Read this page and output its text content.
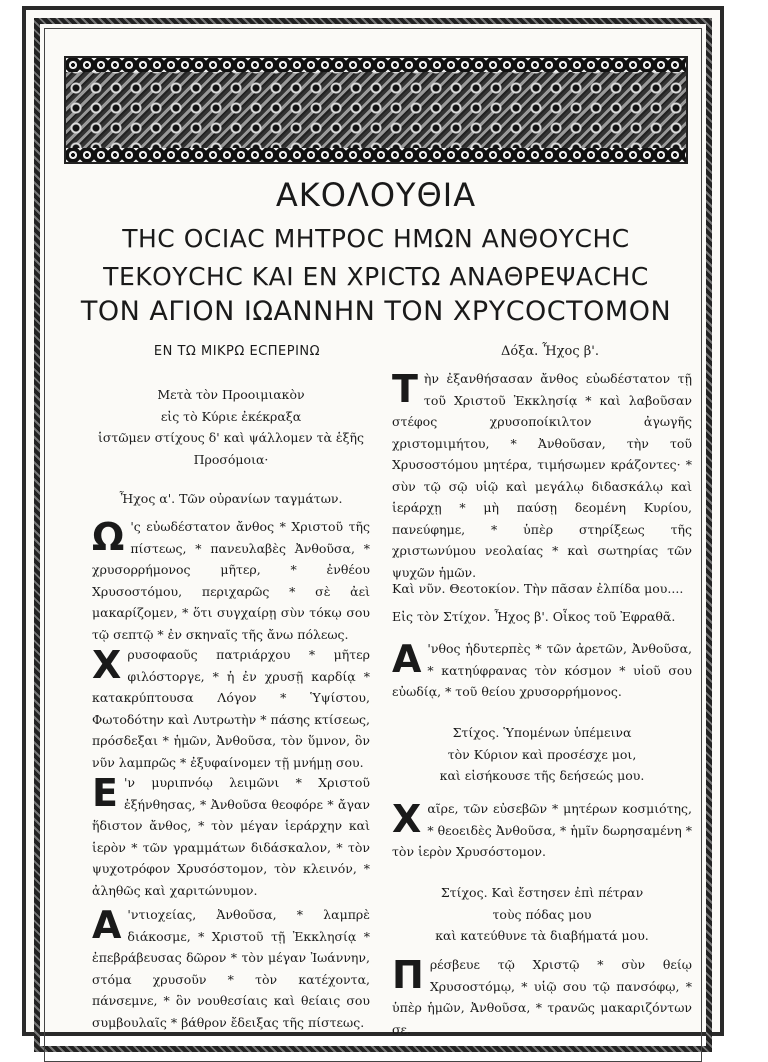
ΑΚΟΛΟΥΘΙΑ
ΤΗC ΟCΙΑC ΜΗΤΡΟC ΗΜΩΝ ΑΝΘΟΥCΗC
ΤΕΚΟΥCΗC ΚΑΙ ΕΝ ΧΡΙCΤΩ ΑΝΑΘΡΕΨΑCΗC
ΤΟΝ ΑΓΙΟΝ ΙΩΑΝΝΗΝ ΤΟΝ ΧΡΥCΟCΤΟΜΟΝ
ΕΝ ΤΩ ΜΙΚΡΩ ΕCΠΕΡΙΝΩ	Δόξα. Ἦχος β'.

Μετὰ τὸν Προοιμιακὸν

εἰς τὸ Κύριε ἐκέκραξα

ἱστῶμεν στίχους δ' καὶ ψάλλομεν τὰ ἑξῆς

Προσόμοια·

Ἦχος α'. Τῶν οὐρανίων ταγμάτων.
Ω 'ς εὐωδέστατον ἄνθος * Χριστοῦ τῆς πίστεως, * πανευλαβὲς Ἀνθοῦσα, * χρυσορρήμονος μῆτερ, * ἐνθέου Χρυσοστόμου, περιχαρῶς * σὲ ἀεὶ μακαρίζομεν, * ὅτι συγχαίρῃ σὺν τόκῳ σου τῷ σεπτῷ * ἐν σκηναῖς τῆς ἄνω πόλεως.
Χ ρυσοφαοῦς πατριάρχου * μῆτερ φιλόστοργε, * ἡ ἐν χρυσῇ καρδίᾳ * κατακρύπτουσα Λόγον * Ὑψίστου, Φωτοδότην καὶ Λυτρωτὴν * πάσης κτίσεως, πρόσδεξαι * ἡμῶν, Ἀνθοῦσα, τὸν ὕμνον, ὃν νῦν λαμπρῶς * ἐξυφαίνομεν τῇ μνήμῃ σου.
Ε 'ν μυριπνόῳ λειμῶνι * Χριστοῦ ἐξήνθησας, * Ἀνθοῦσα θεοφόρε * ἄγαν ἥδιστον ἄνθος, * τὸν μέγαν ἱεράρχην καὶ ἱερὸν * τῶν γραμμάτων διδάσκαλον, * τὸν ψυχοτρόφον Χρυσόστομον, τὸν κλεινόν, * ἀληθῶς καὶ χαριτώνυμον.
Α 'ντιοχείας, Ἀνθοῦσα, * λαμπρὲ διάκοσμε, * Χριστοῦ τῇ Ἐκκλησίᾳ * ἐπεβράβευσας δῶρον * τὸν μέγαν Ἰωάννην, στόμα χρυσοῦν * τὸν κατέχοντα, πάνσεμνε, * ὃν νουθεσίαις καὶ θείαις σου συμβουλαῖς * βάθρον ἔδειξας τῆς πίστεως.
Τ ὴν ἐξανθήσασαν ἄνθος εὐωδέστατον τῇ τοῦ Χριστοῦ Ἐκκλησίᾳ * καὶ λαβοῦσαν στέφος χρυσοποίκιλτον ἀγωγῆς χριστομιμήτου, * Ἀνθοῦσαν, τὴν τοῦ Χρυσοστόμου μητέρα, τιμήσωμεν κράζοντες· * σὺν τῷ σῷ υἱῷ καὶ μεγάλῳ διδασκάλῳ καὶ ἱεράρχῃ * μὴ παύσῃ δεομένη Κυρίου, πανεύφημε, * ὑπὲρ στηρίξεως τῆς χριστωνύμου νεολαίας * καὶ σωτηρίας τῶν ψυχῶν ἡμῶν.
Καὶ νῦν. Θεοτοκίον. Τὴν πᾶσαν ἐλπίδα μου....
Εἰς τὸν Στίχον. Ἦχος β'. Οἶκος τοῦ Ἐφραθᾶ.
Α 'νθος ἡδυτερπὲς * τῶν ἀρετῶν, Ἀνθοῦσα, * κατηύφρανας τὸν κόσμον * υἱοῦ σου εὐωδίᾳ, * τοῦ θείου χρυσορρήμονος.

Στίχος. Ὑπομένων ὑπέμεινα

τὸν Κύριον καὶ προσέσχε μοι,

καὶ εἰσήκουσε τῆς δεήσεώς μου.

Χ αῖρε, τῶν εὐσεβῶν * μητέρων κοσμιότης, * θεοειδὲς Ἀνθοῦσα, * ἡμῖν δωρησαμένη * τὸν ἱερὸν Χρυσόστομον.

Στίχος. Καὶ ἔστησεν ἐπὶ πέτραν

τοὺς πόδας μου

καὶ κατεύθυνε τὰ διαβήματά μου.

Π ρέσβευε τῷ Χριστῷ * σὺν θείῳ Χρυσοστόμῳ, * υἱῷ σου τῷ πανσόφῳ, * ὑπὲρ ἡμῶν, Ἀνθοῦσα, * τρανῶς μακαριζόντων σε.
